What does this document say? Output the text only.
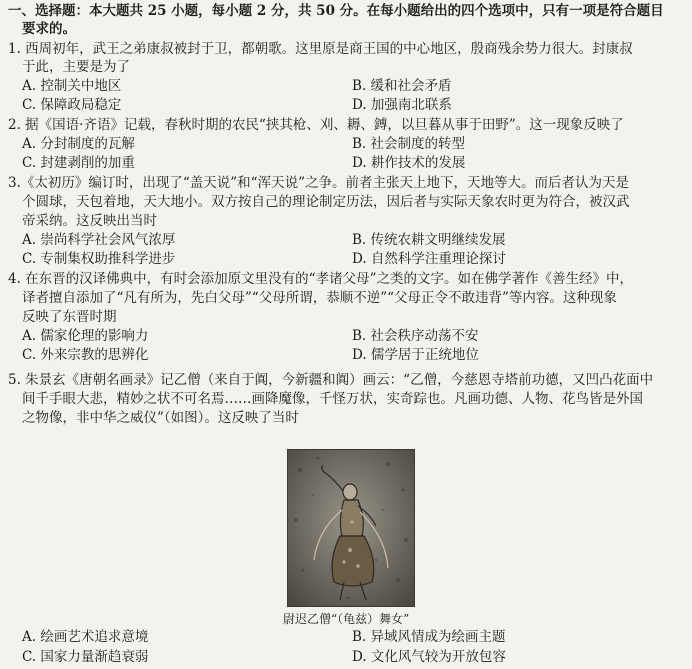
一、选择题：本大题共 25 小题，每小题 2 分，共 50 分。在每小题给出的四个选项中，只有一项是符合题目
要求的。
1. 西周初年，武王之弟康叔被封于卫，都朝歌。这里原是商王国的中心地区，殷商残余势力很大。封康叔
于此，主要是为了
A. 控制关中地区	B. 缓和社会矛盾
C. 保障政局稳定	D. 加强南北联系
2. 据《国语·齐语》记载，春秋时期的农民“挟其枪、刈、耨、鎛，以旦暮从事于田野”。这一现象反映了
A. 分封制度的瓦解	B. 社会制度的转型
C. 封建剥削的加重	D. 耕作技术的发展
3.《太初历》编订时，出现了“盖天说”和“浑天说”之争。前者主张天上地下，天地等大。而后者认为天是
个圆球，天包着地，天大地小。双方按自己的理论制定历法，因后者与实际天象农时更为符合，被汉武
帝采纳。这反映出当时
A. 崇尚科学社会风气浓厚	B. 传统农耕文明继续发展
C. 专制集权助推科学进步	D. 自然科学注重理论探讨
4. 在东晋的汉译佛典中，有时会添加原文里没有的“孝诸父母”之类的文字。如在佛学著作《善生经》中，
译者擅自添加了“凡有所为，先白父母”“父母所谓，恭顺不逆”“父母正令不敢违背”等内容。这种现象
反映了东晋时期
A. 儒家伦理的影响力	B. 社会秩序动荡不安
C. 外来宗教的思辨化	D. 儒学居于正统地位
5. 朱景玄《唐朝名画录》记乙僧（来自于阗，今新疆和阗）画云：“乙僧，今慈恩寺塔前功德，又凹凸花面中
间千手眼大悲，精妙之状不可名焉……画降魔像，千怪万状，实奇踪也。凡画功德、人物、花鸟皆是外国
之物像，非中华之威仪”（如图）。这反映了当时
尉迟乙僧“（龟兹）舞女”
A. 绘画艺术追求意境	B. 异域风情成为绘画主题
C. 国家力量渐趋衰弱	D. 文化风气较为开放包容
